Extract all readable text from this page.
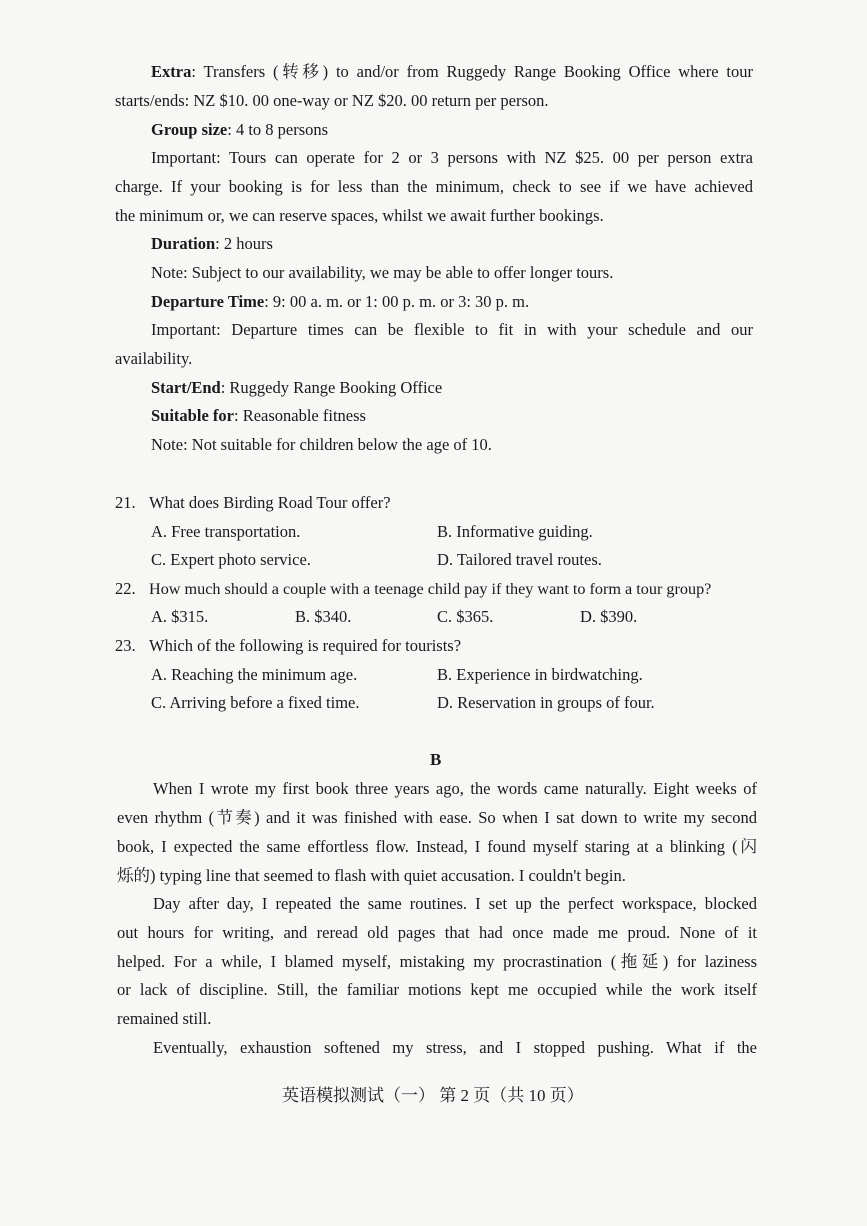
Extra: Transfers (转移) to and/or from Ruggedy Range Booking Office where tour
starts/ends: NZ $10. 00 one-way or NZ $20. 00 return per person.
Group size: 4 to 8 persons
Important: Tours can operate for 2 or 3 persons with NZ $25. 00 per person extra
charge. If your booking is for less than the minimum, check to see if we have achieved
the minimum or, we can reserve spaces, whilst we await further bookings.
Duration: 2 hours
Note: Subject to our availability, we may be able to offer longer tours.
Departure Time: 9: 00 a. m. or 1: 00 p. m. or 3: 30 p. m.
Important: Departure times can be flexible to fit in with your schedule and our
availability.
Start/End: Ruggedy Range Booking Office
Suitable for: Reasonable fitness
Note: Not suitable for children below the age of 10.
21. What does Birding Road Tour offer?
A. Free transportation.	B. Informative guiding.
C. Expert photo service.	D. Tailored travel routes.
22. How much should a couple with a teenage child pay if they want to form a tour group?
A. $315.	B. $340.	C. $365.	D. $390.
23. Which of the following is required for tourists?
A. Reaching the minimum age.	B. Experience in birdwatching.
C. Arriving before a fixed time.	D. Reservation in groups of four.
B
When I wrote my first book three years ago, the words came naturally. Eight weeks of
even rhythm (节奏) and it was finished with ease. So when I sat down to write my second
book, I expected the same effortless flow. Instead, I found myself staring at a blinking (闪
烁的) typing line that seemed to flash with quiet accusation. I couldn't begin.
Day after day, I repeated the same routines. I set up the perfect workspace, blocked
out hours for writing, and reread old pages that had once made me proud. None of it
helped. For a while, I blamed myself, mistaking my procrastination (拖延) for laziness
or lack of discipline. Still, the familiar motions kept me occupied while the work itself
remained still.
Eventually, exhaustion softened my stress, and I stopped pushing. What if the
英语模拟测试（一） 第 2 页（共 10 页）
